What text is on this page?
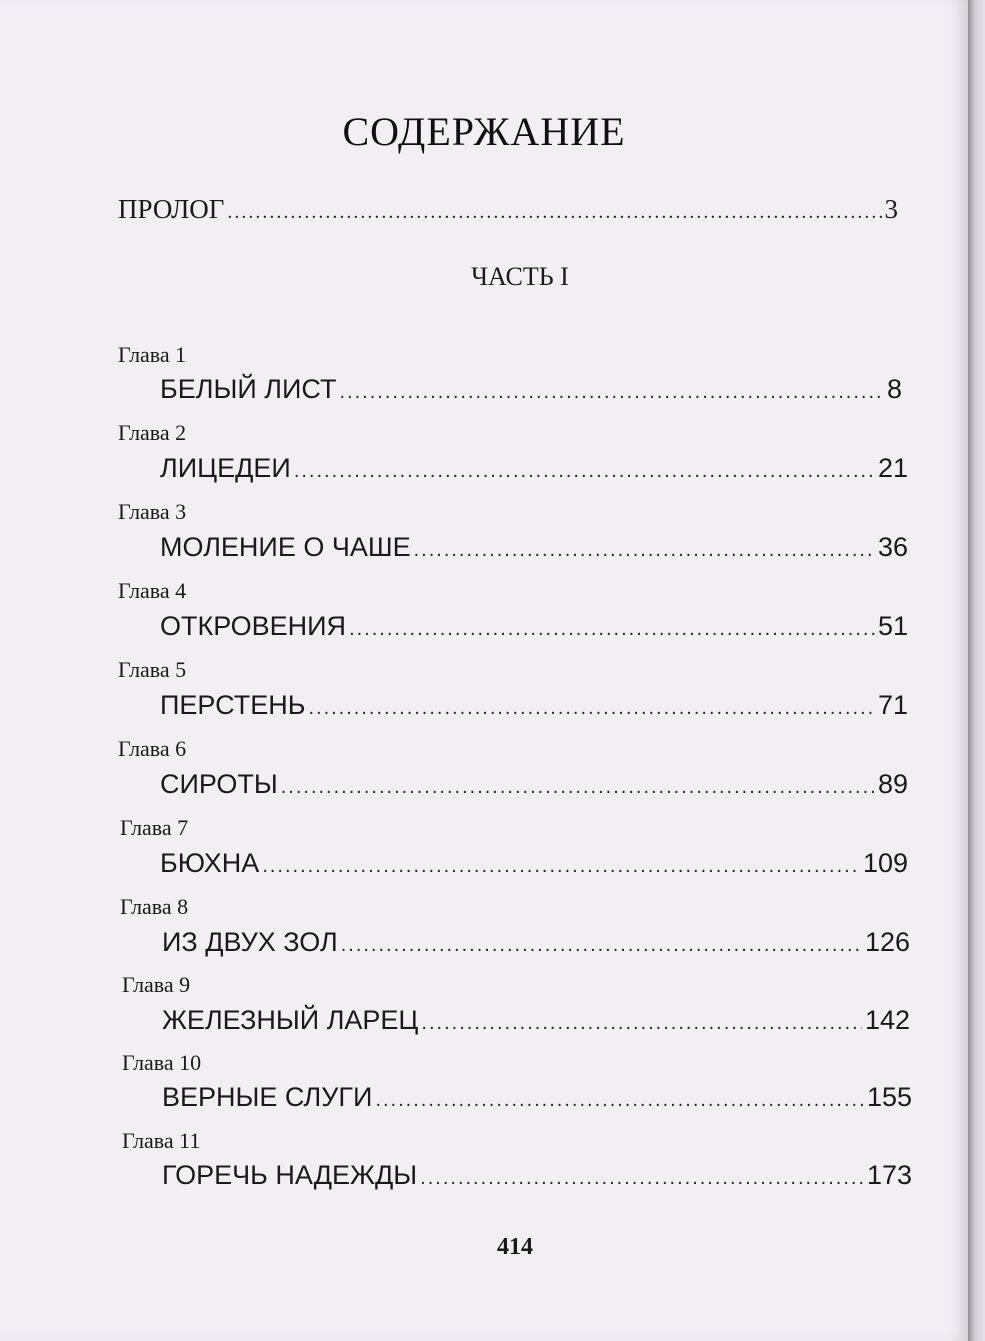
СОДЕРЖАНИЕ
ПРОЛОГ .....	3
ЧАСТЬ I
Глава 1
БЕЛЫЙ ЛИСТ .....	8
Глава 2
ЛИЦЕДЕИ .....	21
Глава 3
МОЛЕНИЕ О ЧАШЕ .....	36
Глава 4
ОТКРОВЕНИЯ .....	51
Глава 5
ПЕРСТЕНЬ .....	71
Глава 6
СИРОТЫ .....	89
Глава 7
БЮХНА .....	109
Глава 8
ИЗ ДВУХ ЗОЛ .....	126
Глава 9
ЖЕЛЕЗНЫЙ ЛАРЕЦ .....	142
Глава 10
ВЕРНЫЕ СЛУГИ .....	155
Глава 11
ГОРЕЧЬ НАДЕЖДЫ .....	173
414
